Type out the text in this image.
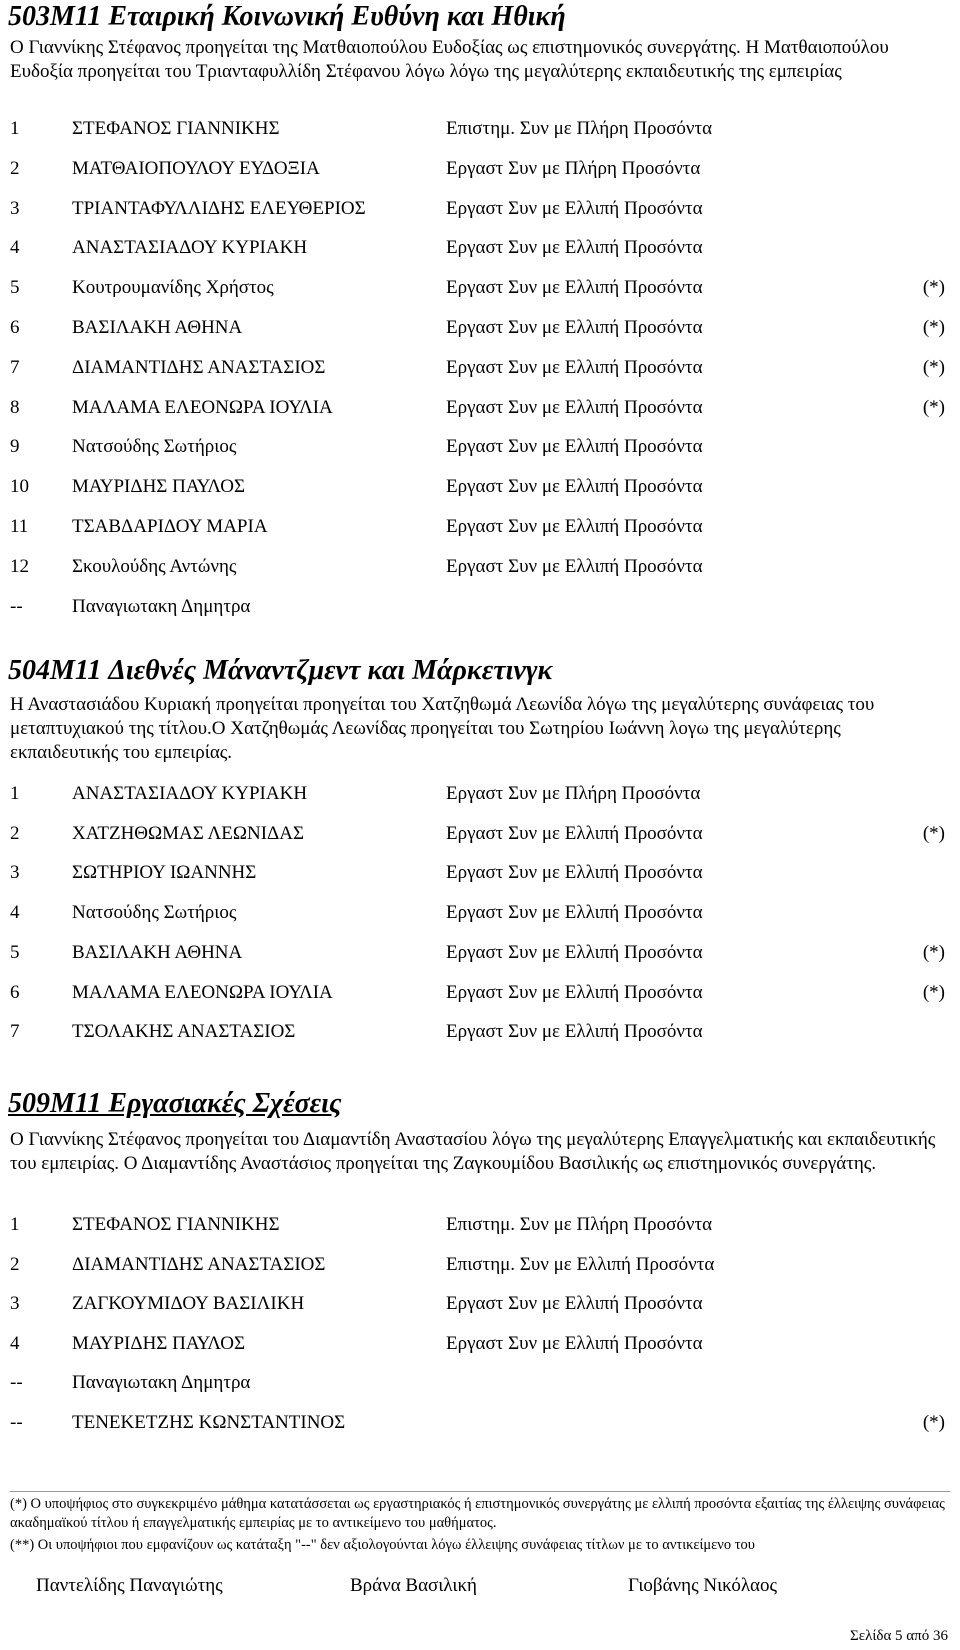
503M11 Εταιρική Κοινωνική Ευθύνη και Ηθική
Ο Γιαννίκης Στέφανος προηγείται της Ματθαιοπούλου Ευδοξίας ως επιστημονικός συνεργάτης. Η Ματθαιοπούλου Ευδοξία προηγείται του Τριανταφυλλίδη Στέφανου λόγω λόγω της μεγαλύτερης εκπαιδευτικής της εμπειρίας
1	ΣΤΕΦΑΝΟΣ ΓΙΑΝΝΙΚΗΣ	Επιστημ. Συν με Πλήρη Προσόντα
2	ΜΑΤΘΑΙΟΠΟΥΛΟΥ ΕΥΔΟΞΙΑ	Εργαστ Συν με Πλήρη Προσόντα
3	ΤΡΙΑΝΤΑΦΥΛΛΙΔΗΣ ΕΛΕΥΘΕΡΙΟΣ	Εργαστ Συν με Ελλιπή Προσόντα
4	ΑΝΑΣΤΑΣΙΑΔΟΥ ΚΥΡΙΑΚΗ	Εργαστ Συν με Ελλιπή Προσόντα
5	Κουτρουμανίδης Χρήστος	Εργαστ Συν με Ελλιπή Προσόντα	(*)
6	ΒΑΣΙΛΑΚΗ ΑΘΗΝΑ	Εργαστ Συν με Ελλιπή Προσόντα	(*)
7	ΔΙΑΜΑΝΤΙΔΗΣ ΑΝΑΣΤΑΣΙΟΣ	Εργαστ Συν με Ελλιπή Προσόντα	(*)
8	ΜΑΛΑΜΑ ΕΛΕΟΝΩΡΑ ΙΟΥΛΙΑ	Εργαστ Συν με Ελλιπή Προσόντα	(*)
9	Νατσούδης Σωτήριος	Εργαστ Συν με Ελλιπή Προσόντα
10 ΜΑΥΡΙΔΗΣ ΠΑΥΛΟΣ	Εργαστ Συν με Ελλιπή Προσόντα
11 ΤΣΑΒΔΑΡΙΔΟΥ ΜΑΡΙΑ	Εργαστ Συν με Ελλιπή Προσόντα
12 Σκουλούδης Αντώνης	Εργαστ Συν με Ελλιπή Προσόντα
--	Παναγιωτακη Δημητρα
504M11 Διεθνές Μάναντζμεντ και Μάρκετινγκ
Η Αναστασιάδου Κυριακή προηγείται προηγείται του Χατζηθωμά Λεωνίδα λόγω της μεγαλύτερης συνάφειας του μεταπτυχιακού της τίτλου.Ο Χατζηθωμάς Λεωνίδας προηγείται του Σωτηρίου Ιωάννη λογω της μεγαλύτερης εκπαιδευτικής του εμπειρίας.
1	ΑΝΑΣΤΑΣΙΑΔΟΥ ΚΥΡΙΑΚΗ	Εργαστ Συν με Πλήρη Προσόντα
2	ΧΑΤΖΗΘΩΜΑΣ ΛΕΩΝΙΔΑΣ	Εργαστ Συν με Ελλιπή Προσόντα	(*)
3	ΣΩΤΗΡΙΟΥ ΙΩΑΝΝΗΣ	Εργαστ Συν με Ελλιπή Προσόντα
4	Νατσούδης Σωτήριος	Εργαστ Συν με Ελλιπή Προσόντα
5	ΒΑΣΙΛΑΚΗ ΑΘΗΝΑ	Εργαστ Συν με Ελλιπή Προσόντα	(*)
6	ΜΑΛΑΜΑ ΕΛΕΟΝΩΡΑ ΙΟΥΛΙΑ	Εργαστ Συν με Ελλιπή Προσόντα	(*)
7	ΤΣΟΛΑΚΗΣ ΑΝΑΣΤΑΣΙΟΣ	Εργαστ Συν με Ελλιπή Προσόντα
509M11 Εργασιακές Σχέσεις
Ο Γιαννίκης Στέφανος προηγείται του Διαμαντίδη Αναστασίου λόγω της μεγαλύτερης Επαγγελματικής και εκπαιδευτικής του εμπειρίας. Ο Διαμαντίδης Αναστάσιος προηγείται της Ζαγκουμίδου Βασιλικής ως επιστημονικός συνεργάτης.
1	ΣΤΕΦΑΝΟΣ ΓΙΑΝΝΙΚΗΣ	Επιστημ. Συν με Πλήρη Προσόντα
2	ΔΙΑΜΑΝΤΙΔΗΣ ΑΝΑΣΤΑΣΙΟΣ	Επιστημ. Συν με Ελλιπή Προσόντα
3	ΖΑΓΚΟΥΜΙΔΟΥ ΒΑΣΙΛΙΚΗ	Εργαστ Συν με Ελλιπή Προσόντα
4	ΜΑΥΡΙΔΗΣ ΠΑΥΛΟΣ	Εργαστ Συν με Ελλιπή Προσόντα
--	Παναγιωτακη Δημητρα
--	ΤΕΝΕΚΕΤΖΗΣ ΚΩΝΣΤΑΝΤΙΝΟΣ	(*)
(*) Ο υποψήφιος στο συγκεκριμένο μάθημα κατατάσσεται ως εργαστηριακός ή επιστημονικός συνεργάτης με ελλιπή προσόντα εξαιτίας της έλλειψης συνάφειας ακαδημαϊκού τίτλου ή επαγγελματικής εμπειρίας με το αντικείμενο του μαθήματος.
(**) Οι υποψήφιοι που εμφανίζουν ως κατάταξη "--" δεν αξιολογούνται λόγω έλλειψης συνάφειας τίτλων με το αντικείμενο του
Παντελίδης Παναγιώτης	Βράνα Βασιλική	Γιοβάνης Νικόλαος
Σελίδα 5 από 36
